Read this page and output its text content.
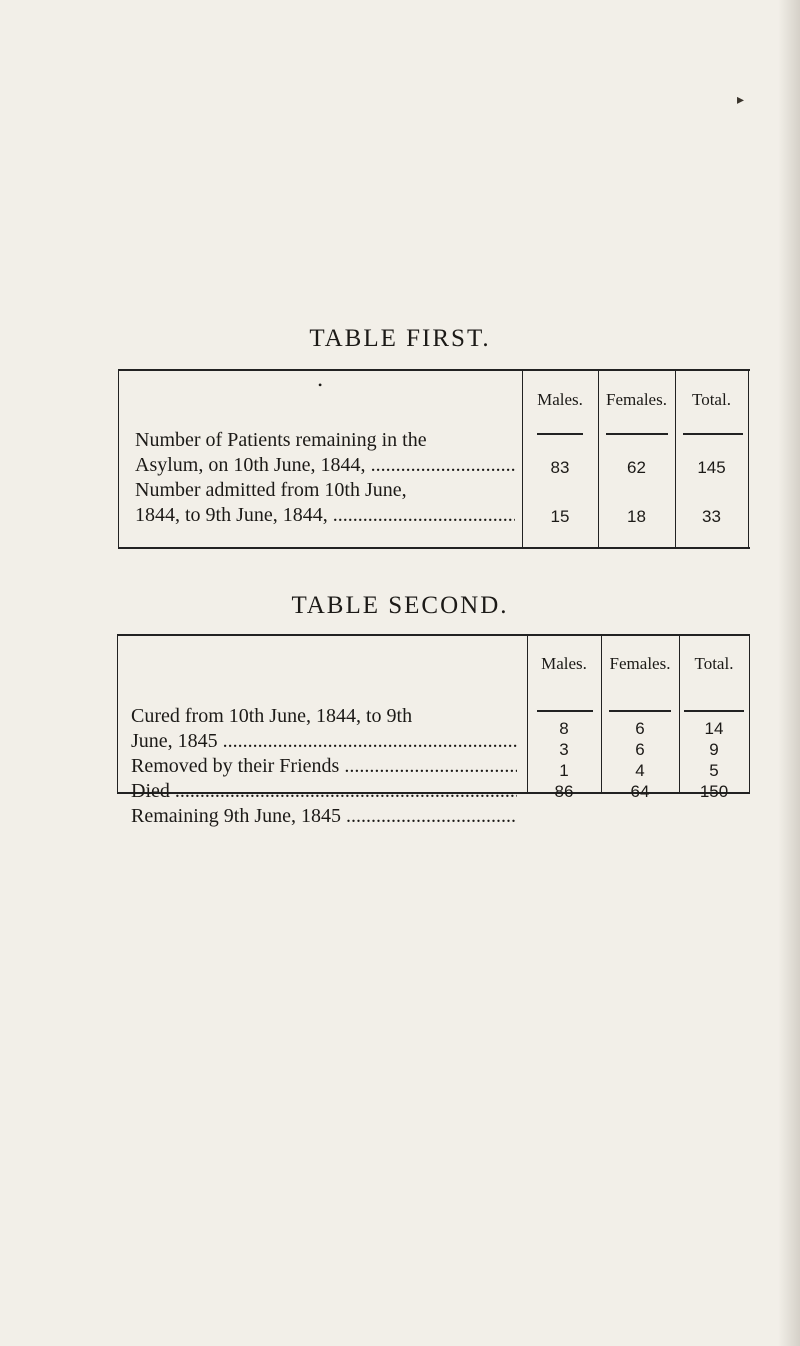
▸
TABLE FIRST.
•
Males.	Females.	Total.
Number of Patients remaining in the
Asylum, on 10th June, 1844, .....	83	62	145
Number admitted from 10th June,
1844, to 9th June, 1844, .....	15	18	33
TABLE SECOND.
Males.	Females.	Total.
Cured from 10th June, 1844, to 9th
June, 1845 .....
8	6	14
Removed by their Friends .....
3	6	9
Died .....
1	4	5
Remaining 9th June, 1845 .....
86	64	150
